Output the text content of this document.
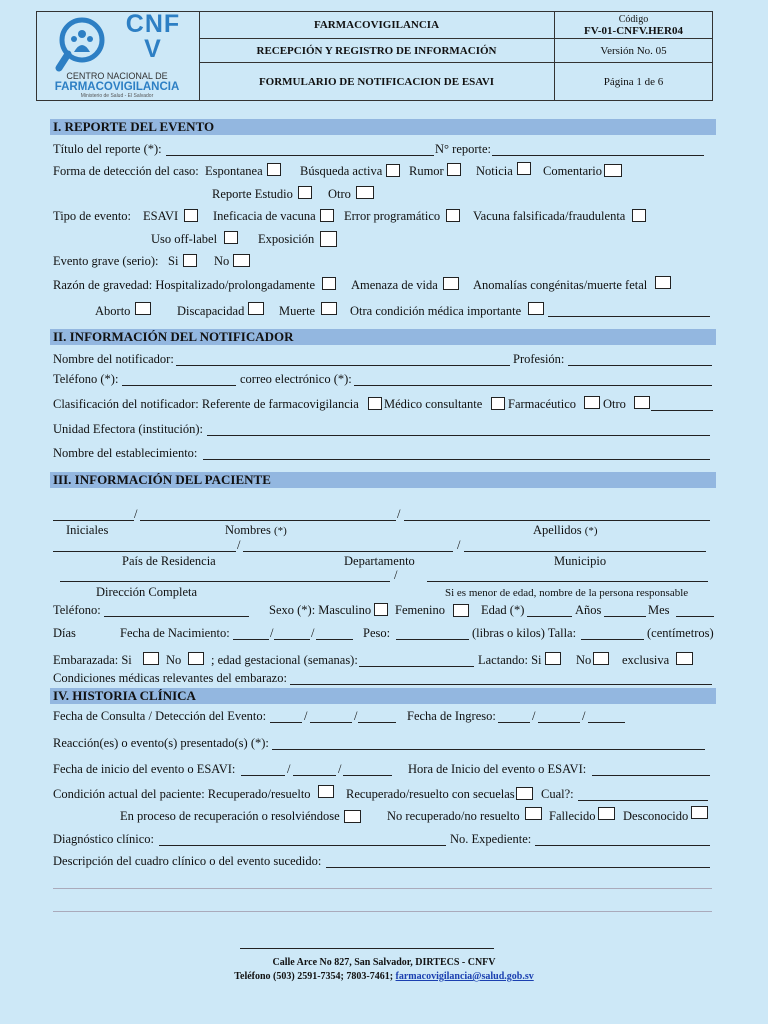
CNFV
CENTRO NACIONAL DE
FARMACOVIGILANCIA
Ministerio de Salud - El Salvador
FARMACOVIGILANCIA
RECEPCIÓN Y REGISTRO DE INFORMACIÓN
FORMULARIO DE NOTIFICACION DE ESAVI
Código
FV-01-CNFV.HER04
Versión No. 05
Página 1 de 6
I. REPORTE DEL EVENTO
Título del reporte (*):	N° reporte:
Forma de detección del caso: Espontanea	Búsqueda activa Rumor	Noticia Comentario
Reporte Estudio	Otro
Tipo de evento: ESAVI	Ineficacia de vacuna Error programático	Vacuna falsificada/fraudulenta
Uso off-label	Exposición
Evento grave (serio): Si	No
Razón de gravedad: Hospitalizado/prolongadamente	Amenaza de vida	Anomalías congénitas/muerte fetal
Aborto	Discapacidad	Muerte	Otra condición médica importante
II. INFORMACIÓN DEL NOTIFICADOR
Nombre del notificador:	Profesión:
Teléfono (*):	correo electrónico (*):
Clasificación del notificador: Referente de farmacovigilancia Médico consultante Farmacéutico Otro
Unidad Efectora (institución):
Nombre del establecimiento:
III. INFORMACIÓN DEL PACIENTE
/	/
Iniciales	Nombres (*)	Apellidos (*)
/	/
País de Residencia	Departamento	Municipio
/
Dirección Completa	Si es menor de edad, nombre de la persona responsable
Teléfono:	Sexo (*): Masculino Femenino	Edad (*)	Años	Mes
Días	Fecha de Nacimiento:	/	/	Peso:	(libras o kilos) Talla:	(centímetros)
Embarazada: Si	No ; edad gestacional (semanas):	Lactando: Si	No exclusiva
Condiciones médicas relevantes del embarazo:
IV. HISTORIA CLÍNICA
Fecha de Consulta / Detección del Evento:	/	/	Fecha de Ingreso:	/	/
Reacción(es) o evento(s) presentado(s) (*):
Fecha de inicio del evento o ESAVI:	/	/	Hora de Inicio del evento o ESAVI:
Condición actual del paciente: Recuperado/resuelto	Recuperado/resuelto con secuelas Cual?:
En proceso de recuperación o resolviéndose	No recuperado/no resuelto Fallecido Desconocido
Diagnóstico clínico:	No. Expediente:
Descripción del cuadro clínico o del evento sucedido:
Calle Arce No 827, San Salvador, DIRTECS - CNFV
Teléfono (503) 2591-7354; 7803-7461; farmacovigilancia@salud.gob.sv
